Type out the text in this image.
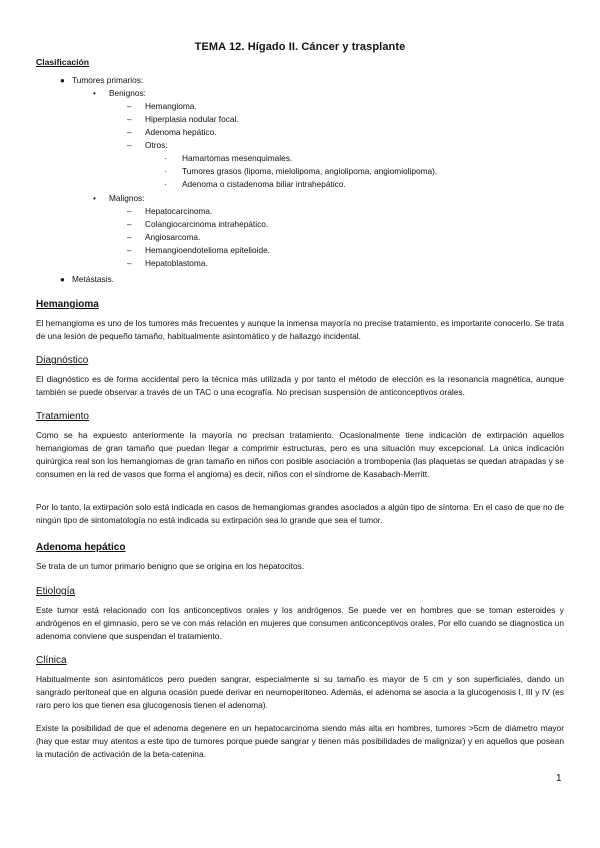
TEMA 12. Hígado II. Cáncer y trasplante
Clasificación
● Tumores primarios:
• Benignos:
– Hemangioma.
– Hiperplasia nodular focal.
– Adenoma hepático.
– Otros:
· Hamartomas mesenquimales.
· Tumores grasos (lipoma, mielolipoma, angiolipoma, angiomiolipoma).
· Adenoma o cistadenoma biliar intrahepático.
• Malignos:
– Hepatocarcinoma.
– Colangiocarcinoma intrahepático.
– Angiosarcoma.
– Hemangioendotelioma epitelioide.
– Hepatoblastoma.
● Metástasis.
Hemangioma
El hemangioma es uno de los tumores más frecuentes y aunque la inmensa mayoría no precise tratamiento, es importante conocerlo. Se trata de una lesión de pequeño tamaño, habitualmente asintomático y de hallazgo incidental.
Diagnóstico
El diagnóstico es de forma accidental pero la técnica más utilizada y por tanto el método de elección es la resonancia magnética, aunque también se puede observar a través de un TAC o una ecografía. No precisan suspensión de anticonceptivos orales.
Tratamiento
Como se ha expuesto anteriormente la mayoría no precisan tratamiento. Ocasionalmente tiene indicación de extirpación aquellos hemangiomas de gran tamaño que puedan llegar a comprimir estructuras, pero es una situación muy excepcional. La única indicación quirúrgica real son los hemangiomas de gran tamaño en niños con posible asociación a trombopenia (las plaquetas se quedan atrapadas y se consumen en la red de vasos que forma el angioma) es decir, niños con el síndrome de Kasabach-Merritt.
Por lo tanto, la extirpación solo está indicada en casos de hemangiomas grandes asociados a algún tipo de síntoma. En el caso de que no de ningún tipo de sintomatología no está indicada su extirpación sea lo grande que sea el tumor.
Adenoma hepático
Se trata de un tumor primario benigno que se origina en los hepatocitos.
Etiología
Este tumor está relacionado con los anticonceptivos orales y los andrógenos. Se puede ver en hombres que se toman esteroides y andrógenos en el gimnasio, pero se ve con más relación en mujeres que consumen anticonceptivos orales. Por ello cuando se diagnostica un adenoma conviene que suspendan el tratamiento.
Clínica
Habitualmente son asintomáticos pero pueden sangrar, especialmente si su tamaño es mayor de 5 cm y son superficiales, dando un sangrado peritoneal que en alguna ocasión puede derivar en neumoperitoneo. Además, el adenoma se asocia a la glucogenosis I, III y IV (es raro pero los que tienen esa glucogenosis tienen el adenoma).
Existe la posibilidad de que el adenoma degenere en un hepatocarcinoma siendo más alta en hombres, tumores >5cm de diámetro mayor (hay que estar muy atentos a este tipo de tumores porque puede sangrar y tienen más posibilidades de malignizar) y en aquellos que posean la mutación de activación de la beta-catenina.
1
